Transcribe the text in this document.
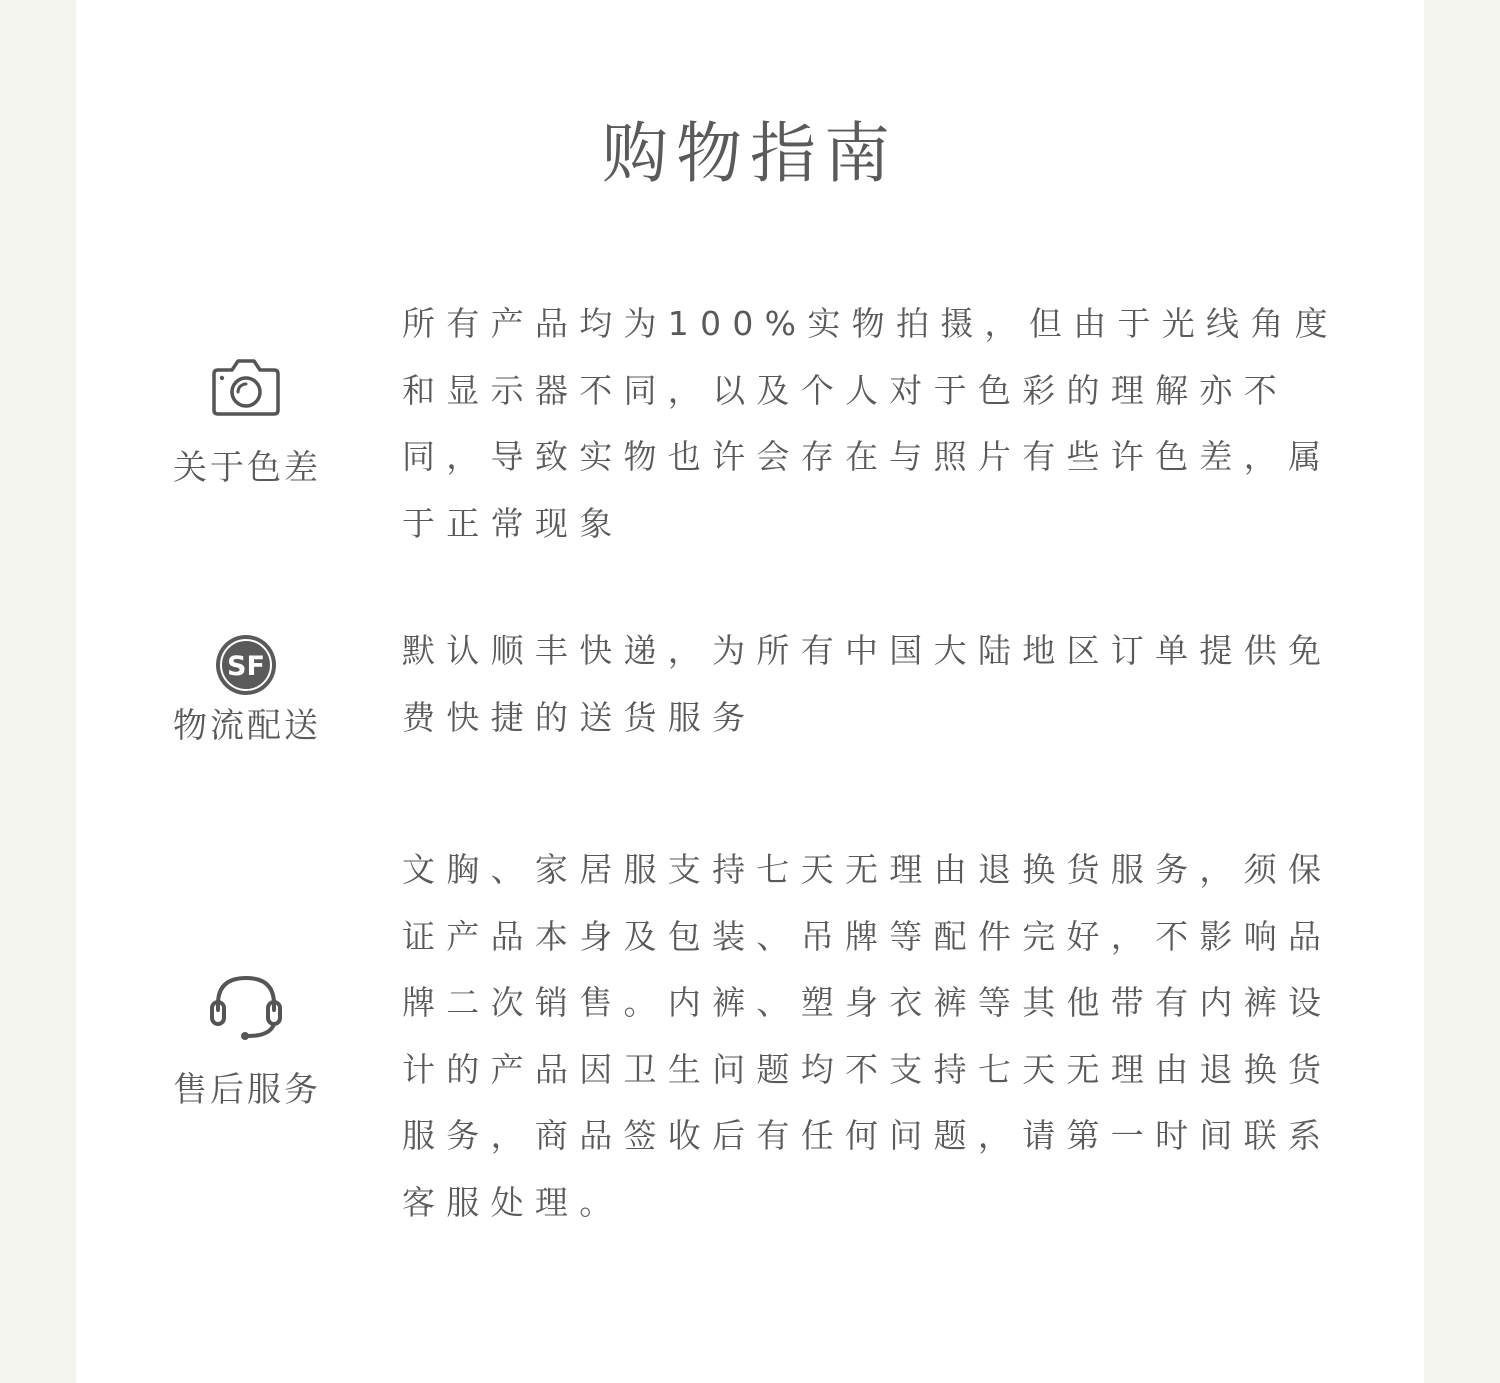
购物指南
关于色差
所有产品均为100%实物拍摄，但由于光线角度和显示器不同，以及个人对于色彩的理解亦不同，导致实物也许会存在与照片有些许色差，属于正常现象
SF
物流配送
默认顺丰快递，为所有中国大陆地区订单提供免费快捷的送货服务
售后服务
文胸、家居服支持七天无理由退换货服务，须保证产品本身及包装、吊牌等配件完好，不影响品牌二次销售。内裤、塑身衣裤等其他带有内裤设计的产品因卫生问题均不支持七天无理由退换货服务，商品签收后有任何问题，请第一时间联系客服处理。
